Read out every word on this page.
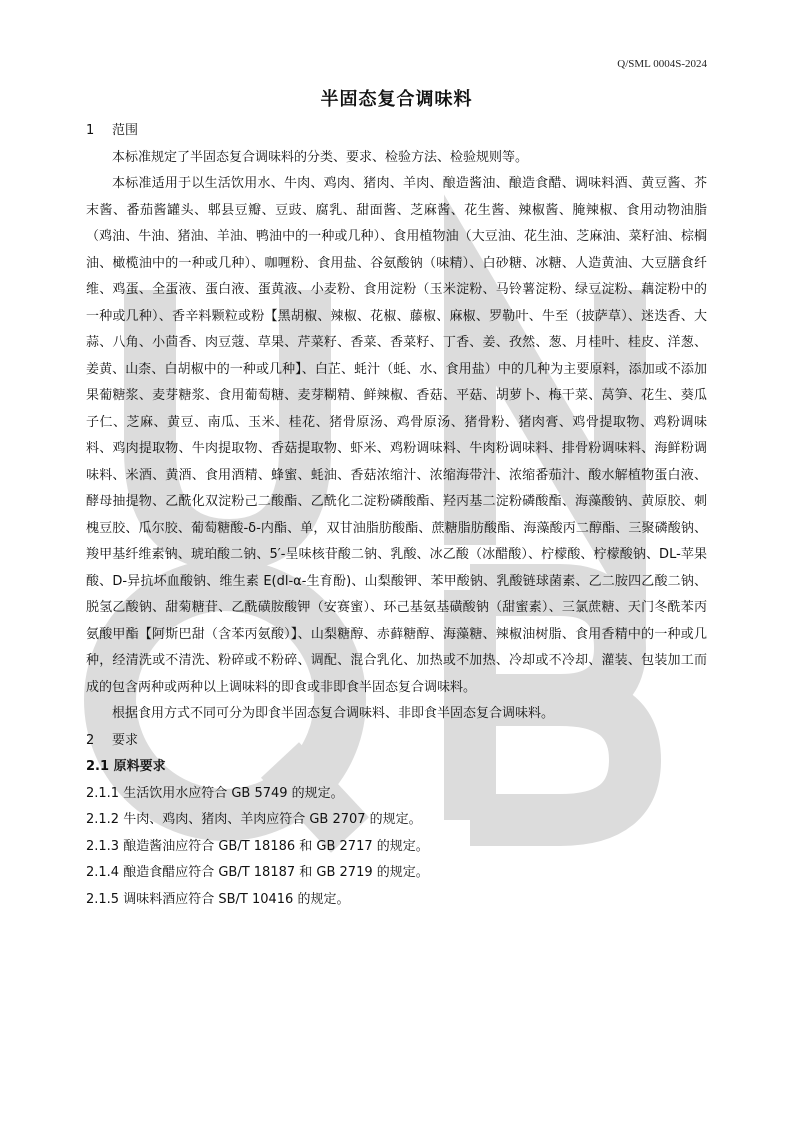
Q/SML 0004S-2024
半固态复合调味料

1 范围

本标准规定了半固态复合调味料的分类、要求、检验方法、检验规则等。

本标准适用于以生活饮用水、牛肉、鸡肉、猪肉、羊肉、酿造酱油、酿造食醋、调味料酒、黄豆酱、芥末酱、番茄酱罐头、郫县豆瓣、豆豉、腐乳、甜面酱、芝麻酱、花生酱、辣椒酱、腌辣椒、食用动物油脂（鸡油、牛油、猪油、羊油、鸭油中的一种或几种）、食用植物油（大豆油、花生油、芝麻油、菜籽油、棕榈油、橄榄油中的一种或几种）、咖喱粉、食用盐、谷氨酸钠（味精）、白砂糖、冰糖、人造黄油、大豆膳食纤维、鸡蛋、全蛋液、蛋白液、蛋黄液、小麦粉、食用淀粉（玉米淀粉、马铃薯淀粉、绿豆淀粉、藕淀粉中的一种或几种）、香辛料颗粒或粉【黑胡椒、辣椒、花椒、藤椒、麻椒、罗勒叶、牛至（披萨草）、迷迭香、大蒜、八角、小茴香、肉豆蔻、草果、芹菜籽、香菜、香菜籽、丁香、姜、孜然、葱、月桂叶、桂皮、洋葱、姜黄、山柰、白胡椒中的一种或几种】、白芷、蚝汁（蚝、水、食用盐）中的几种为主要原料，添加或不添加果葡糖浆、麦芽糖浆、食用葡萄糖、麦芽糊精、鲜辣椒、香菇、平菇、胡萝卜、梅干菜、莴笋、花生、葵瓜子仁、芝麻、黄豆、南瓜、玉米、桂花、猪骨原汤、鸡骨原汤、猪骨粉、猪肉膏、鸡骨提取物、鸡粉调味料、鸡肉提取物、牛肉提取物、香菇提取物、虾米、鸡粉调味料、牛肉粉调味料、排骨粉调味料、海鲜粉调味料、米酒、黄酒、食用酒精、蜂蜜、蚝油、香菇浓缩汁、浓缩海带汁、浓缩番茄汁、酸水解植物蛋白液、酵母抽提物、乙酰化双淀粉己二酸酯、乙酰化二淀粉磷酸酯、羟丙基二淀粉磷酸酯、海藻酸钠、黄原胶、刺槐豆胶、瓜尔胶、葡萄糖酸-δ-内酯、单，双甘油脂肪酸酯、蔗糖脂肪酸酯、海藻酸丙二醇酯、三聚磷酸钠、羧甲基纤维素钠、琥珀酸二钠、5′-呈味核苷酸二钠、乳酸、冰乙酸（冰醋酸）、柠檬酸、柠檬酸钠、DL-苹果酸、D-异抗坏血酸钠、维生素 E(dl-α-生育酚)、山梨酸钾、苯甲酸钠、乳酸链球菌素、乙二胺四乙酸二钠、脱氢乙酸钠、甜菊糖苷、乙酰磺胺酸钾（安赛蜜）、环己基氨基磺酸钠（甜蜜素）、三氯蔗糖、天门冬酰苯丙氨酸甲酯【阿斯巴甜（含苯丙氨酸）】、山梨糖醇、赤藓糖醇、海藻糖、辣椒油树脂、食用香精中的一种或几种，经清洗或不清洗、粉碎或不粉碎、调配、混合乳化、加热或不加热、冷却或不冷却、灌装、包装加工而成的包含两种或两种以上调味料的即食或非即食半固态复合调味料。

根据食用方式不同可分为即食半固态复合调味料、非即食半固态复合调味料。

2 要求

2.1 原料要求

2.1.1 生活饮用水应符合 GB 5749 的规定。

2.1.2 牛肉、鸡肉、猪肉、羊肉应符合 GB 2707 的规定。

2.1.3 酿造酱油应符合 GB/T 18186 和 GB 2717 的规定。

2.1.4 酿造食醋应符合 GB/T 18187 和 GB 2719 的规定。

2.1.5 调味料酒应符合 SB/T 10416 的规定。
